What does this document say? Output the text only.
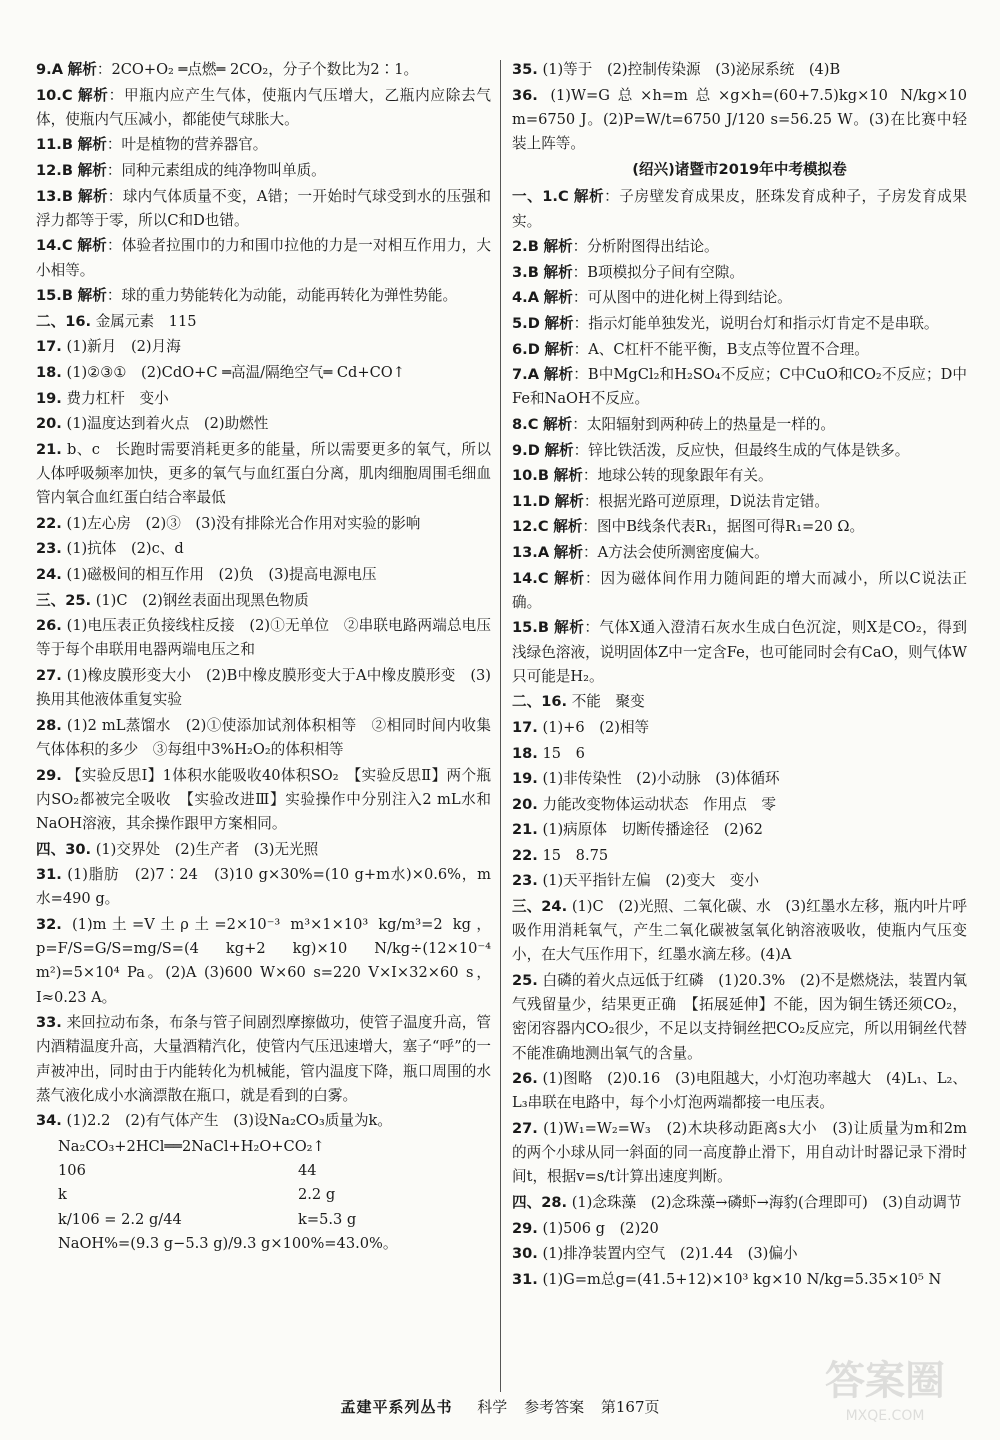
9.A 解析：2CO+O₂ ═点燃═ 2CO₂，分子个数比为2∶1。
10.C 解析：甲瓶内应产生气体，使瓶内气压增大，乙瓶内应除去气体，使瓶内气压减小，都能使气球胀大。
11.B 解析：叶是植物的营养器官。
12.B 解析：同种元素组成的纯净物叫单质。
13.B 解析：球内气体质量不变，A错；一开始时气球受到水的压强和浮力都等于零，所以C和D也错。
14.C 解析：体验者拉围巾的力和围巾拉他的力是一对相互作用力，大小相等。
15.B 解析：球的重力势能转化为动能，动能再转化为弹性势能。
二、16. 金属元素　115
17. (1)新月　(2)月海
18. (1)②③①　(2)CdO+C ═高温/隔绝空气═ Cd+CO↑
19. 费力杠杆　变小
20. (1)温度达到着火点　(2)助燃性
21. b、c　长跑时需要消耗更多的能量，所以需要更多的氧气，所以人体呼吸频率加快，更多的氧气与血红蛋白分离，肌肉细胞周围毛细血管内氧合血红蛋白结合率最低
22. (1)左心房　(2)③　(3)没有排除光合作用对实验的影响
23. (1)抗体　(2)c、d
24. (1)磁极间的相互作用　(2)负　(3)提高电源电压
三、25. (1)C　(2)钢丝表面出现黑色物质
26. (1)电压表正负接线柱反接　(2)①无单位　②串联电路两端总电压等于每个串联用电器两端电压之和
27. (1)橡皮膜形变大小　(2)B中橡皮膜形变大于A中橡皮膜形变　(3)换用其他液体重复实验
28. (1)2 mL蒸馏水　(2)①使添加试剂体积相等　②相同时间内收集气体体积的多少　③每组中3%H₂O₂的体积相等
29. 【实验反思Ⅰ】1体积水能吸收40体积SO₂　【实验反思Ⅱ】两个瓶内SO₂都被完全吸收　【实验改进Ⅲ】实验操作中分别注入2 mL水和NaOH溶液，其余操作跟甲方案相同。
四、30. (1)交界处　(2)生产者　(3)无光照
31. (1)脂肪　(2)7∶24　(3)10 g×30%=(10 g+m水)×0.6%，m水=490 g。
32. (1)m土=V土ρ土=2×10⁻³ m³×1×10³ kg/m³=2 kg，p=F/S=G/S=mg/S=(4 kg+2 kg)×10 N/kg÷(12×10⁻⁴ m²)=5×10⁴ Pa。(2)A (3)600 W×60 s=220 V×I×32×60 s，I≈0.23 A。
33. 来回拉动布条，布条与管子间剧烈摩擦做功，使管子温度升高，管内酒精温度升高，大量酒精汽化，使管内气压迅速增大，塞子“呼”的一声被冲出，同时由于内能转化为机械能，管内温度下降，瓶口周围的水蒸气液化成小水滴漂散在瓶口，就是看到的白雾。
34. (1)2.2　(2)有气体产生　(3)设Na₂CO₃质量为k。
Na₂CO₃+2HCl══2NaCl+H₂O+CO₂↑
106	44
k	2.2 g
k/106 = 2.2 g/44	k=5.3 g
NaOH%=(9.3 g−5.3 g)/9.3 g×100%=43.0%。
35. (1)等于　(2)控制传染源　(3)泌尿系统　(4)B
36. (1)W=G总×h=m总×g×h=(60+7.5)kg×10 N/kg×10 m=6750 J。(2)P=W/t=6750 J/120 s=56.25 W。(3)在比赛中轻装上阵等。
(绍兴)诸暨市2019年中考模拟卷
一、1.C 解析：子房壁发育成果皮，胚珠发育成种子，子房发育成果实。
2.B 解析：分析附图得出结论。
3.B 解析：B项模拟分子间有空隙。
4.A 解析：可从图中的进化树上得到结论。
5.D 解析：指示灯能单独发光，说明台灯和指示灯肯定不是串联。
6.D 解析：A、C杠杆不能平衡，B支点等位置不合理。
7.A 解析：B中MgCl₂和H₂SO₄不反应；C中CuO和CO₂不反应；D中Fe和NaOH不反应。
8.C 解析：太阳辐射到两种砖上的热量是一样的。
9.D 解析：锌比铁活泼，反应快，但最终生成的气体是铁多。
10.B 解析：地球公转的现象跟年有关。
11.D 解析：根据光路可逆原理，D说法肯定错。
12.C 解析：图中B线条代表R₁，据图可得R₁=20 Ω。
13.A 解析：A方法会使所测密度偏大。
14.C 解析：因为磁体间作用力随间距的增大而减小，所以C说法正确。
15.B 解析：气体X通入澄清石灰水生成白色沉淀，则X是CO₂，得到浅绿色溶液，说明固体Z中一定含Fe，也可能同时会有CaO，则气体W只可能是H₂。
二、16. 不能　聚变
17. (1)+6　(2)相等
18. 15　6
19. (1)非传染性　(2)小动脉　(3)体循环
20. 力能改变物体运动状态　作用点　零
21. (1)病原体　切断传播途径　(2)62
22. 15　8.75
23. (1)天平指针左偏　(2)变大　变小
三、24. (1)C　(2)光照、二氧化碳、水　(3)红墨水左移，瓶内叶片呼吸作用消耗氧气，产生二氧化碳被氢氧化钠溶液吸收，使瓶内气压变小，在大气压作用下，红墨水滴左移。(4)A
25. 白磷的着火点远低于红磷　(1)20.3%　(2)不是燃烧法，装置内氧气残留量少，结果更正确　【拓展延伸】不能，因为铜生锈还须CO₂，密闭容器内CO₂很少，不足以支持铜丝把CO₂反应完，所以用铜丝代替不能准确地测出氧气的含量。
26. (1)图略　(2)0.16　(3)电阻越大，小灯泡功率越大　(4)L₁、L₂、L₃串联在电路中，每个小灯泡两端都接一电压表。
27. (1)W₁=W₂=W₃　(2)木块移动距离s大小　(3)让质量为m和2m的两个小球从同一斜面的同一高度静止滑下，用自动计时器记录下滑时间t，根据v=s/t计算出速度判断。
四、28. (1)念珠藻　(2)念珠藻→磷虾→海豹(合理即可)　(3)自动调节
29. (1)506 g　(2)20
30. (1)排净装置内空气　(2)1.44　(3)偏小
31. (1)G=m总g=(41.5+12)×10³ kg×10 N/kg=5.35×10⁵ N
孟建平系列丛书 科学 参考答案 第167页
答案圈
MXQE.COM
